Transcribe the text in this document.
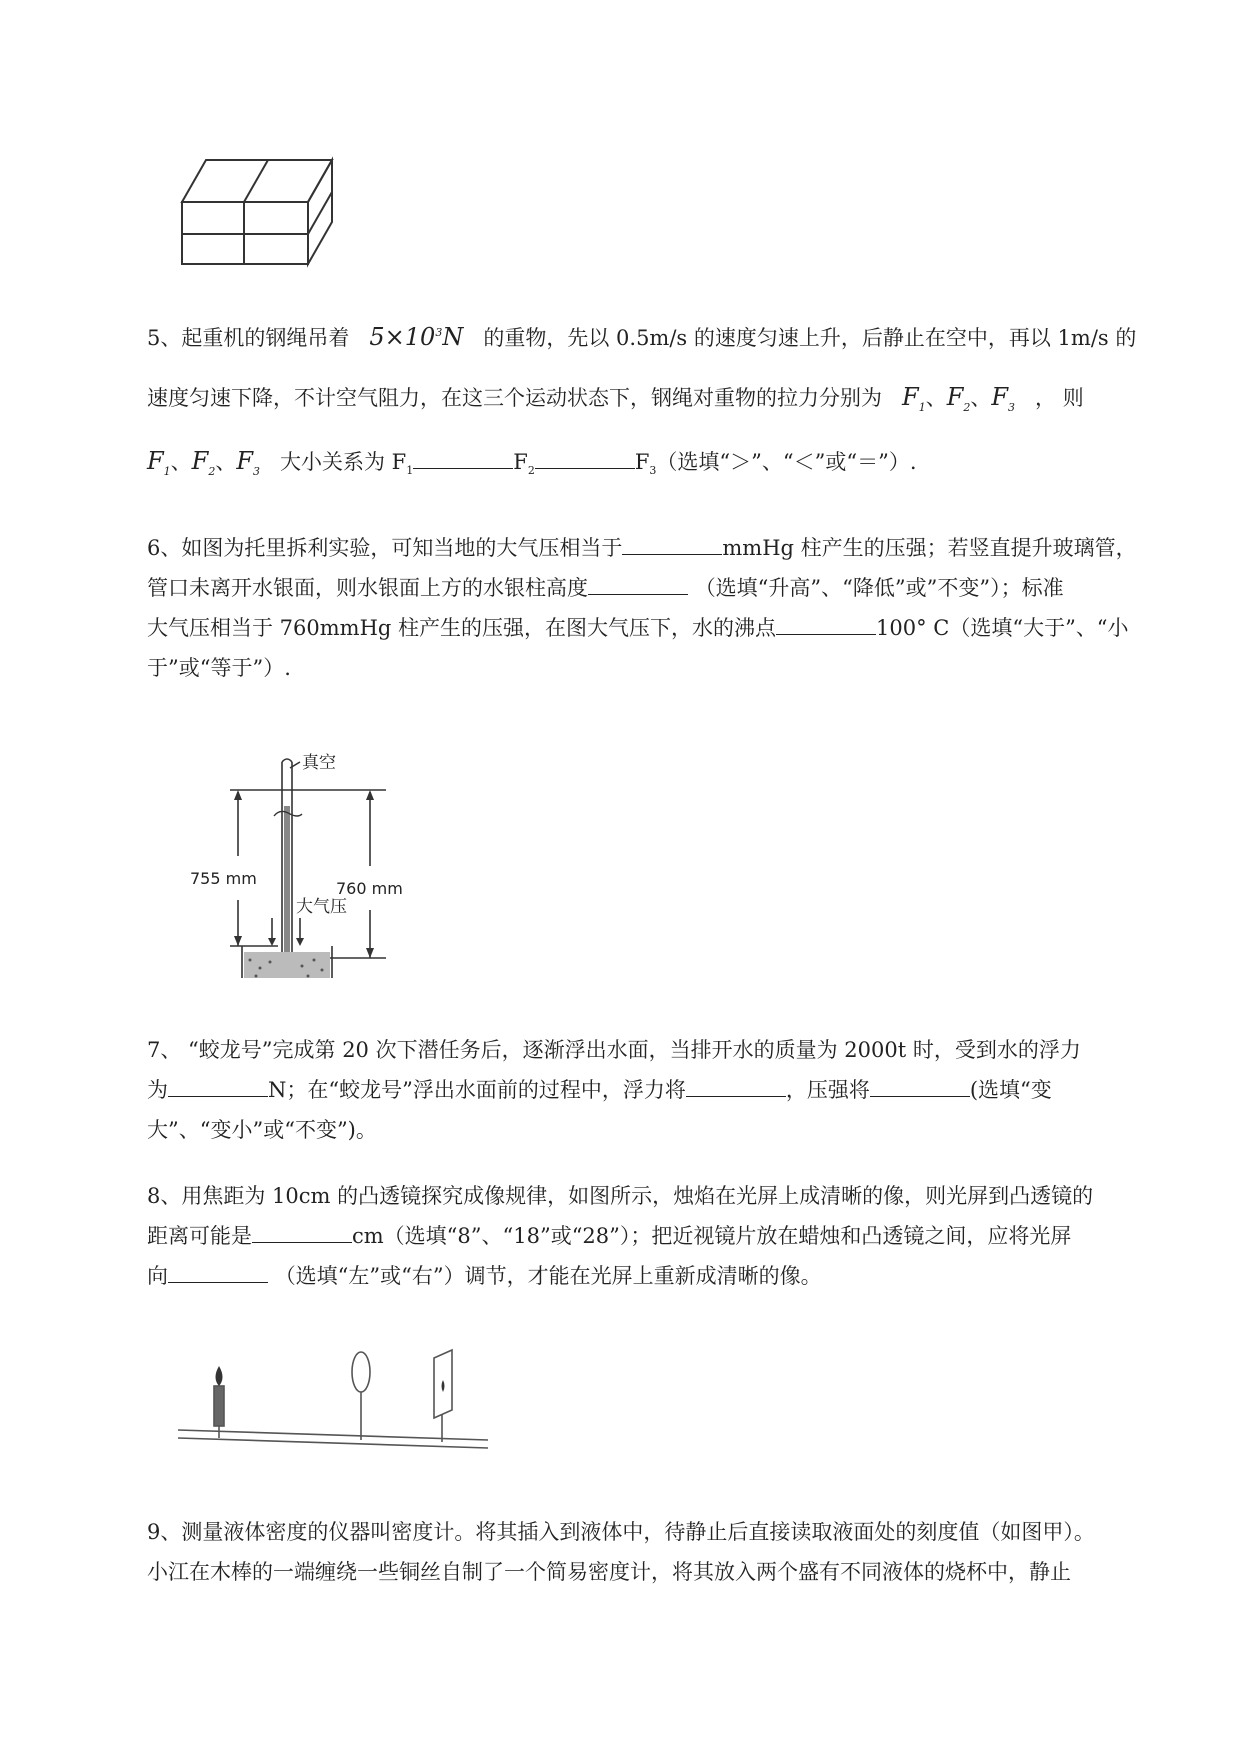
5、起重机的钢绳吊着 $5\times 10^3N$ 的重物，先以 0.5m/s 的速度匀速上升，后静止在空中，再以 1m/s 的
速度匀速下降，不计空气阻力，在这三个运动状态下，钢绳对重物的拉力分别为 $F_1$、$F_2$、$F_3$ ， 则
$F_1$、$F_2$、$F_3$ 大小关系为 $F_1$	$F_2$	$F_3$（选填“＞”、“＜”或“＝”）.
6、如图为托里拆利实验，可知当地的大气压相当于	mmHg 柱产生的压强；若竖直提升玻璃管，
管口未离开水银面，则水银面上方的水银柱高度	（选填“升高”、“降低”或”不变”）；标准
大气压相当于 760mmHg 柱产生的压强，在图大气压下，水的沸点	100° C（选填“大于”、“小
于”或“等于”）.
真空
755 mm
760 mm
大气压
7、 “蛟龙号”完成第 20 次下潜任务后，逐渐浮出水面，当排开水的质量为 2000t 时，受到水的浮力
为	N；在“蛟龙号”浮出水面前的过程中，浮力将	，压强将	(选填“变
大”、“变小”或“不变”)。
8、用焦距为 10cm 的凸透镜探究成像规律，如图所示，烛焰在光屏上成清晰的像，则光屏到凸透镜的
距离可能是	cm（选填“8”、“18”或“28”）；把近视镜片放在蜡烛和凸透镜之间，应将光屏
向	（选填“左”或“右”）调节，才能在光屏上重新成清晰的像。
9、测量液体密度的仪器叫密度计。将其插入到液体中，待静止后直接读取液面处的刻度值（如图甲）。
小江在木棒的一端缠绕一些铜丝自制了一个简易密度计，将其放入两个盛有不同液体的烧杯中，静止
